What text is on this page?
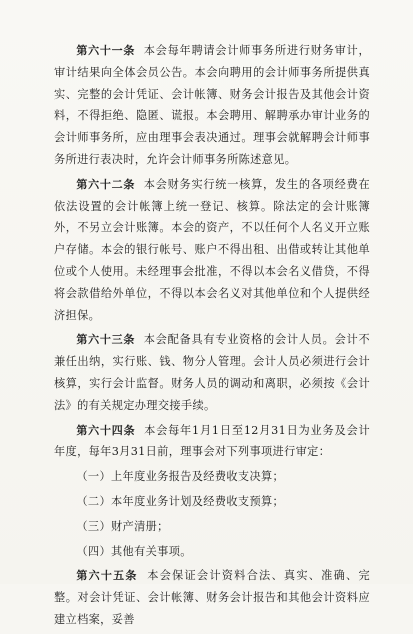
第六十一条 本会每年聘请会计师事务所进行财务审计，审计结果向全体会员公告。本会向聘用的会计师事务所提供真实、完整的会计凭证、会计帐簿、财务会计报告及其他会计资料，不得拒绝、隐匿、谎报。本会聘用、解聘承办审计业务的会计师事务所，应由理事会表决通过。理事会就解聘会计师事务所进行表决时，允许会计师事务所陈述意见。

第六十二条 本会财务实行统一核算，发生的各项经费在依法设置的会计帐簿上统一登记、核算。除法定的会计账簿外，不另立会计账簿。本会的资产，不以任何个人名义开立账户存储。本会的银行帐号、账户不得出租、出借或转让其他单位或个人使用。未经理事会批准，不得以本会名义借贷，不得将会款借给外单位，不得以本会名义对其他单位和个人提供经济担保。

第六十三条 本会配备具有专业资格的会计人员。会计不兼任出纳，实行账、钱、物分人管理。会计人员必须进行会计核算，实行会计监督。财务人员的调动和离职，必须按《会计法》的有关规定办理交接手续。

第六十四条 本会每年1月1日至12月31日为业务及会计年度，每年3月31日前，理事会对下列事项进行审定：

（一）上年度业务报告及经费收支决算；

（二）本年度业务计划及经费收支预算；

（三）财产清册；

（四）其他有关事项。

第六十五条 本会保证会计资料合法、真实、准确、完整。对会计凭证、会计帐簿、财务会计报告和其他会计资料应建立档案，妥善
